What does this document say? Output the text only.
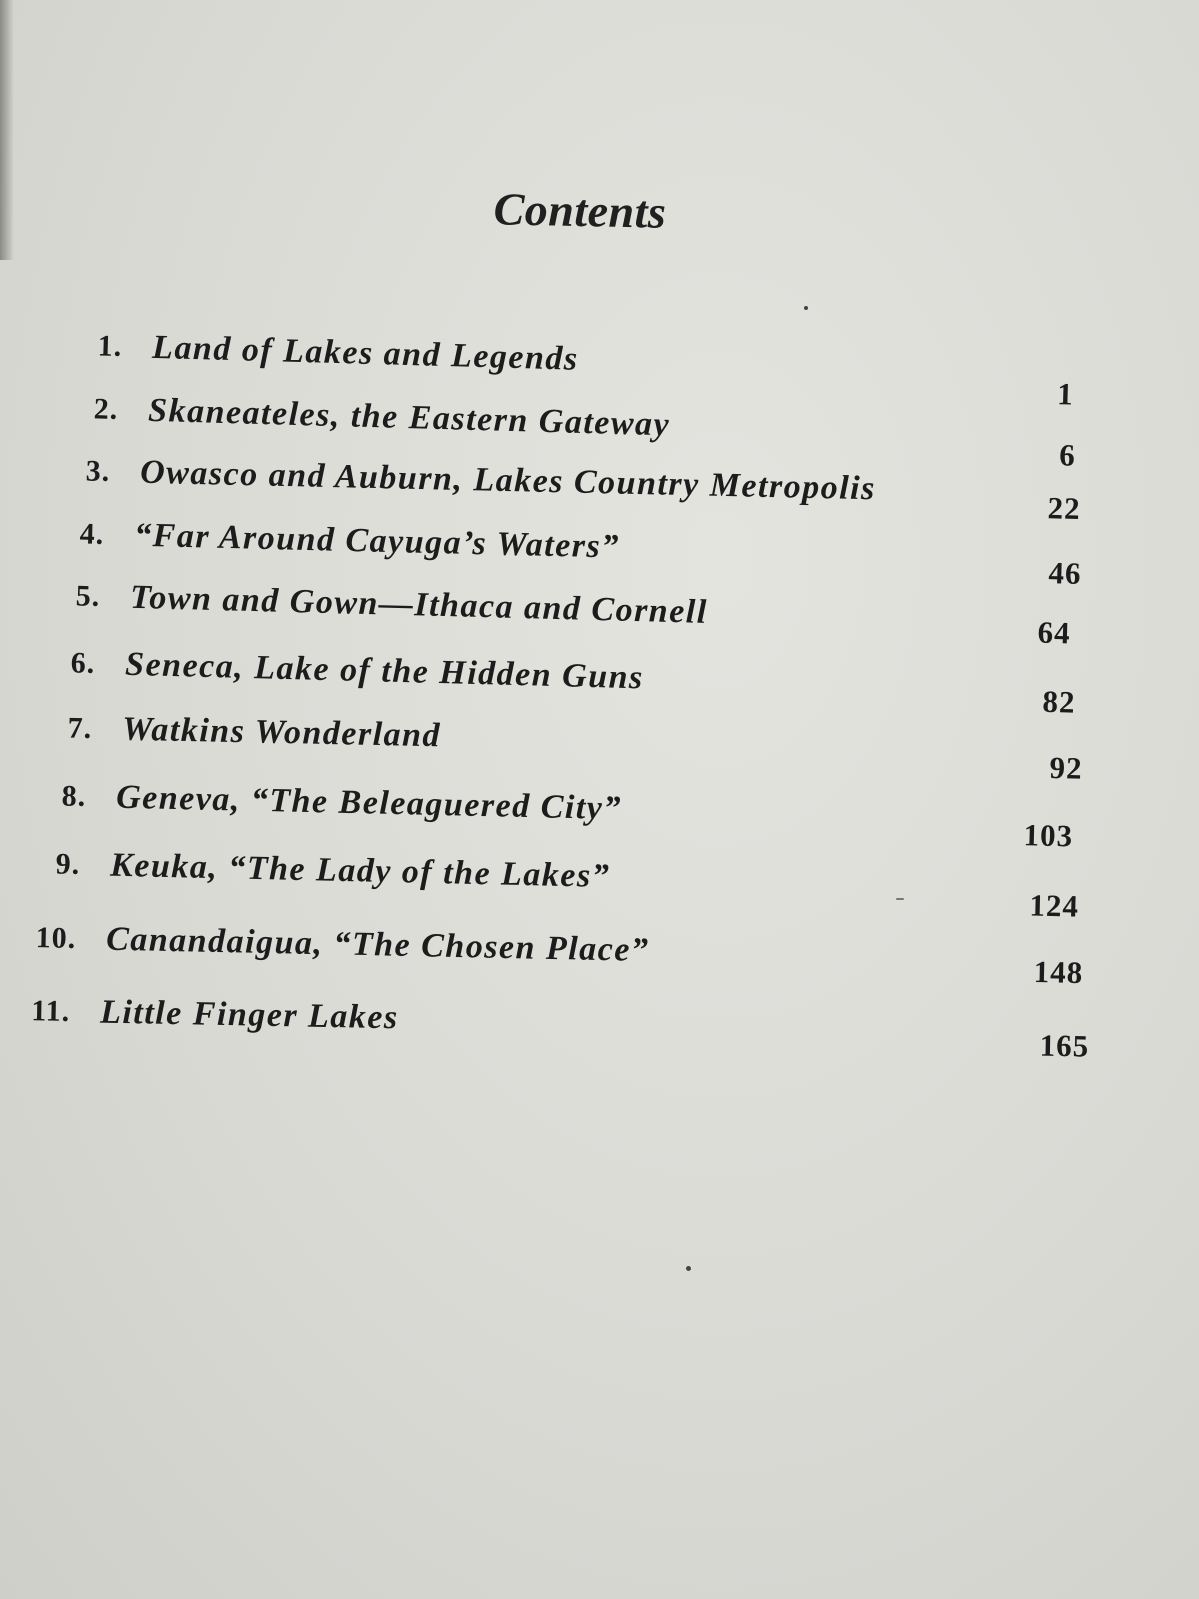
Contents
1. Land of Lakes and Legends
1
2. Skaneateles, the Eastern Gateway
6
3. Owasco and Auburn, Lakes Country Metropolis
22
4. “Far Around Cayuga’s Waters”
46
5. Town and Gown—Ithaca and Cornell
64
6. Seneca, Lake of the Hidden Guns
82
7. Watkins Wonderland
92
8. Geneva, “The Beleaguered City”
103
9. Keuka, “The Lady of the Lakes”
124
10. Canandaigua, “The Chosen Place”
148
11. Little Finger Lakes
165
